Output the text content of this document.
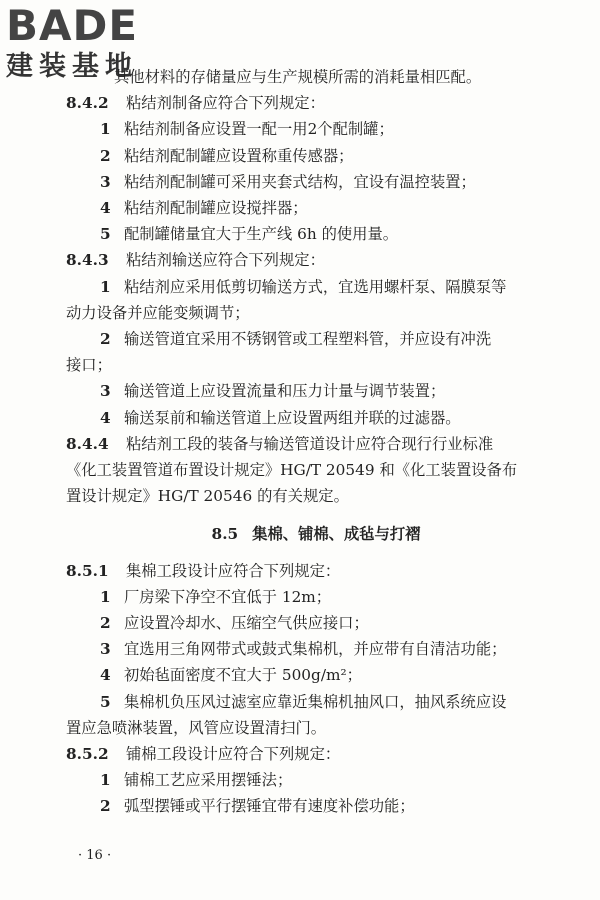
BADE
建装基地
其他材料的存储量应与生产规模所需的消耗量相匹配。
8.4.2 粘结剂制备应符合下列规定：
1 粘结剂制备应设置一配一用2个配制罐；
2 粘结剂配制罐应设置称重传感器；
3 粘结剂配制罐可采用夹套式结构，宜设有温控装置；
4 粘结剂配制罐应设搅拌器；
5 配制罐储量宜大于生产线 6h 的使用量。
8.4.3 粘结剂输送应符合下列规定：
1 粘结剂应采用低剪切输送方式，宜选用螺杆泵、隔膜泵等
动力设备并应能变频调节；
2 输送管道宜采用不锈钢管或工程塑料管，并应设有冲洗
接口；
3 输送管道上应设置流量和压力计量与调节装置；
4 输送泵前和输送管道上应设置两组并联的过滤器。
8.4.4 粘结剂工段的装备与输送管道设计应符合现行行业标准
《化工装置管道布置设计规定》HG/T 20549 和《化工装置设备布
置设计规定》HG/T 20546 的有关规定。
8.5 集棉、铺棉、成毡与打褶
8.5.1 集棉工段设计应符合下列规定：
1 厂房梁下净空不宜低于 12m；
2 应设置冷却水、压缩空气供应接口；
3 宜选用三角网带式或鼓式集棉机，并应带有自清洁功能；
4 初始毡面密度不宜大于 500g/m²；
5 集棉机负压风过滤室应靠近集棉机抽风口，抽风系统应设
置应急喷淋装置，风管应设置清扫门。
8.5.2 铺棉工段设计应符合下列规定：
1 铺棉工艺应采用摆锤法；
2 弧型摆锤或平行摆锤宜带有速度补偿功能；
· 16 ·
